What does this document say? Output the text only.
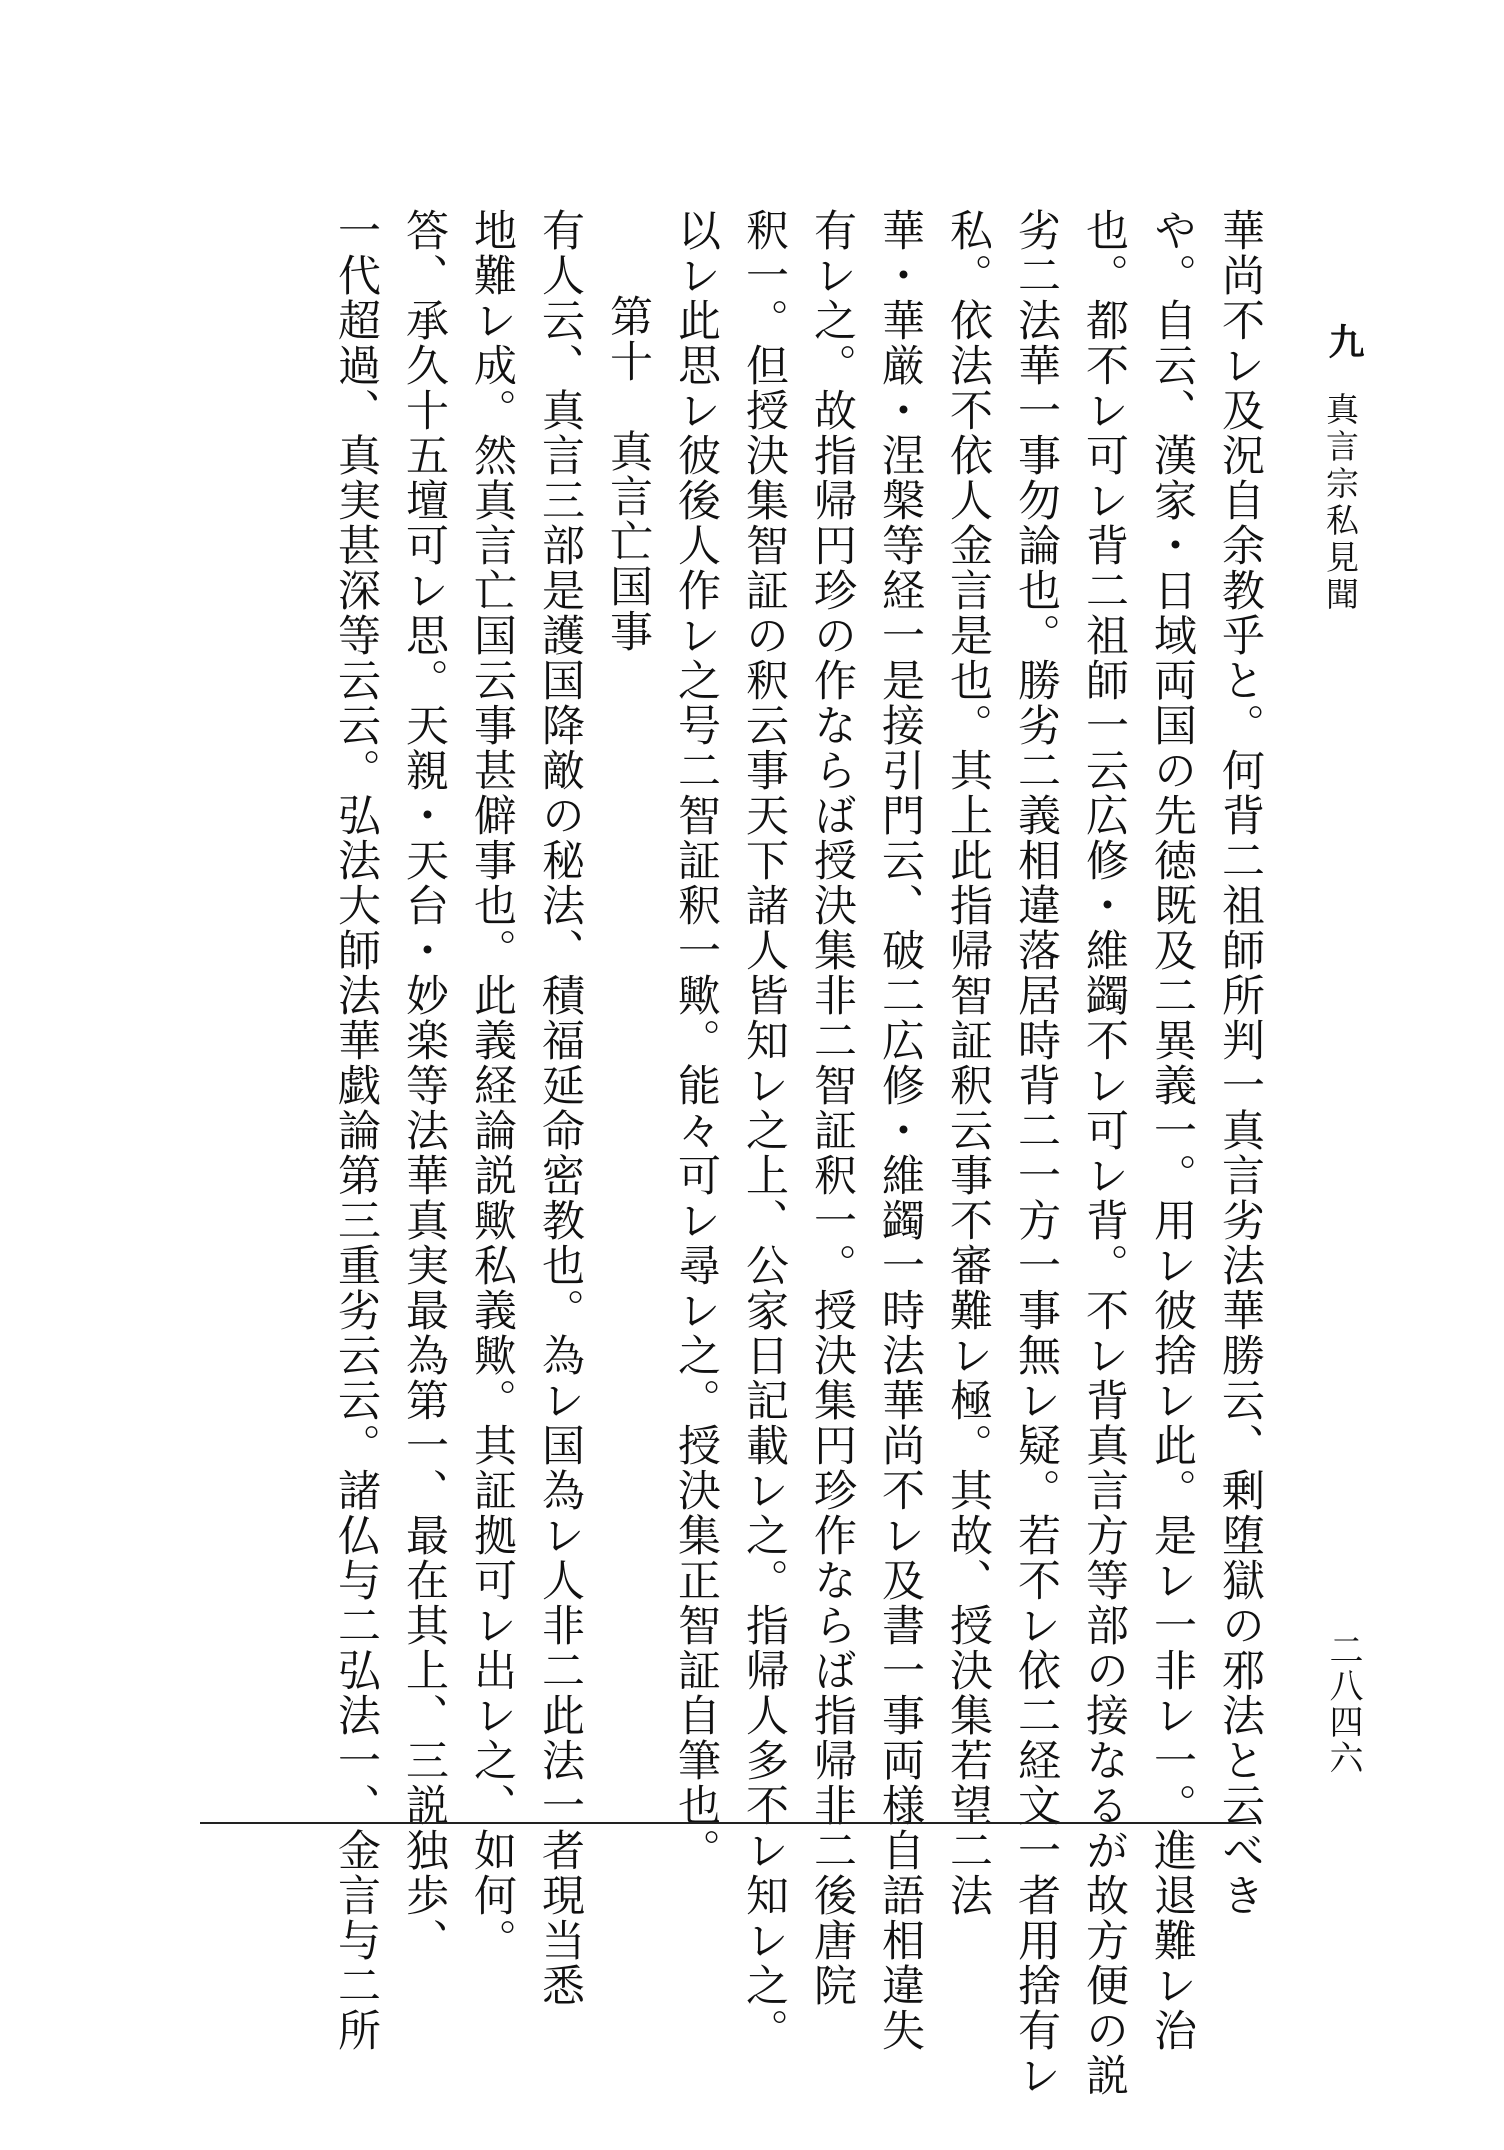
九
真言宗私見聞
二八四六
華尚不レ及況自余教乎と。何背二祖師所判一真言劣法華勝云、剰堕獄の邪法と云べき
や。自云、漢家・日域両国の先徳既及二異義一。用レ彼捨レ此。是レ一非レ一。進退難レ治
也。都不レ可レ背二祖師一云広修・維蠲不レ可レ背。不レ背真言方等部の接なるが故方便の説
劣二法華一事勿論也。勝劣二義相違落居時背二一方一事無レ疑。若不レ依二経文一者用捨有レ
私。依法不依人金言是也。其上此指帰智証釈云事不審難レ極。其故、授決集若望二法
華・華厳・涅槃等経一是接引門云、破二広修・維蠲一時法華尚不レ及書一事両様自語相違失
有レ之。故指帰円珍の作ならば授決集非二智証釈一。授決集円珍作ならば指帰非二後唐院
釈一。但授決集智証の釈云事天下諸人皆知レ之上、公家日記載レ之。指帰人多不レ知レ之。
以レ此思レ彼後人作レ之号二智証釈一歟。能々可レ尋レ之。授決集正智証自筆也。
第十　真言亡国事
有人云、真言三部是護国降敵の秘法、積福延命密教也。為レ国為レ人非二此法一者現当悉
地難レ成。然真言亡国云事甚僻事也。此義経論説歟私義歟。其証拠可レ出レ之、如何。
答、承久十五壇可レ思。天親・天台・妙楽等法華真実最為第一、最在其上、三説独歩、
一代超過、真実甚深等云云。弘法大師法華戯論第三重劣云云。諸仏与二弘法一、金言与二所
